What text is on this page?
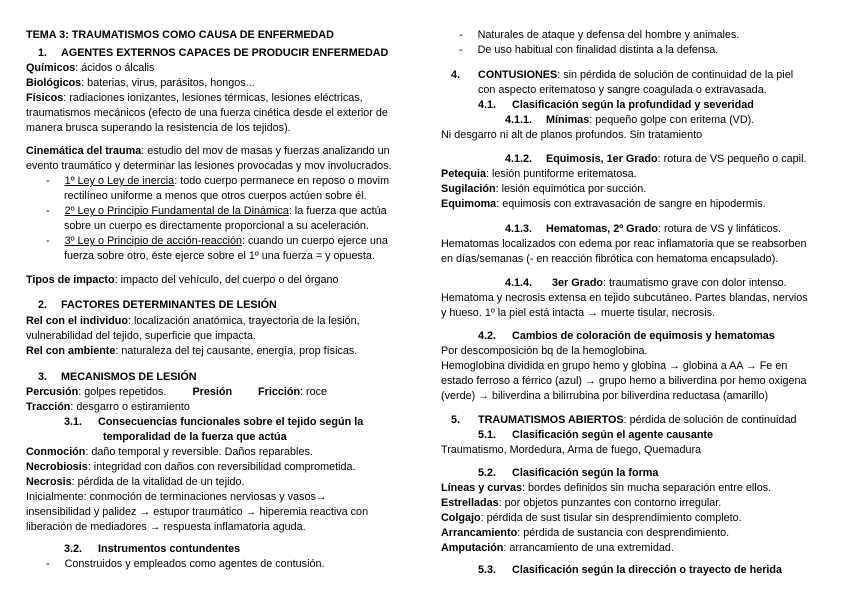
TEMA 3: TRAUMATISMOS COMO CAUSA DE ENFERMEDAD
1. AGENTES EXTERNOS CAPACES DE PRODUCIR ENFERMEDAD
Químicos: ácidos o álcalis
Biológicos: baterias, virus, parásitos, hongos...
Físicos: radiaciones ionizantes, lesiones térmicas, lesiones eléctricas,
traumatismos mecánicos (efecto de una fuerza cinética desde el exterior de
manera brusca superando la resistencia de los tejidos).
Cinemática del trauma: estudio del mov de masas y fuerzas analizando un
evento traumático y determinar las lesiones provocadas y mov involucrados.
- 1º Ley o Ley de inercia: todo cuerpo permanece en reposo o movim
rectilíneo uniforme a menos que otros cuerpos actúen sobre él.
- 2º Ley o Principio Fundamental de la Dinámica: la fuerza que actúa
sobre un cuerpo es directamente proporcional a su aceleración.
- 3º Ley o Principio de acción-reacción: cuando un cuerpo ejerce una
fuerza sobre otro, éste ejerce sobre el 1º una fuerza = y opuesta.
Tipos de impacto: impacto del vehículo, del cuerpo o del órgano
2. FACTORES DETERMINANTES DE LESIÓN
Rel con el individuo: localización anatómica, trayectoria de la lesión,
vulnerabilidad del tejido, superficie que impacta.
Rel con ambiente: naturaleza del tej causante, energía, prop físicas.
3. MECANISMOS DE LESIÓN
Percusión: golpes repetidos. Presión Fricción: roce
Tracción: desgarro o estiramiento
3.1. Consecuencias funcionales sobre el tejido según la
temporalidad de la fuerza que actúa
Conmoción: daño temporal y reversible. Daños reparables.
Necrobiosis: integridad con daños con reversibilidad comprometida.
Necrosis: pérdida de la vitalidad de un tejido.
Inicialmente: conmoción de terminaciones nerviosas y vasos→
insensibilidad y palidez → estupor traumático → hiperemia reactiva con
liberación de mediadores → respuesta inflamatoria aguda.
3.2. Instrumentos contundentes
- Construidos y empleados como agentes de contusión.
- Naturales de ataque y defensa del hombre y animales.
- De uso habitual con finalidad distinta a la defensa.
4. CONTUSIONES: sin pérdida de solución de continuidad de la piel
con aspecto eritematoso y sangre coagulada o extravasada.
4.1. Clasificación según la profundidad y severidad
4.1.1. Mínimas: pequeño golpe con eritema (VD).
Ni desgarro ni alt de planos profundos. Sin tratamiento
4.1.2. Equimosis, 1er Grado: rotura de VS pequeño o capil.
Petequia: lesión puntiforme eritematosa.
Sugilación: lesión equimótica por succión.
Equimoma: equimosis con extravasación de sangre en hipodermis.
4.1.3. Hematomas, 2º Grado: rotura de VS y linfáticos.
Hematomas localizados con edema por reac inflamatoria que se reabsorben
en días/semanas (- en reacción fibrótica con hematoma encapsulado).
4.1.4. 3er Grado: traumatismo grave con dolor intenso.
Hematoma y necrosis extensa en tejido subcutáneo. Partes blandas, nervios
y hueso. 1º la piel está intacta → muerte tisular, necrosis.
4.2. Cambios de coloración de equimosis y hematomas
Por descomposición bq de la hemoglobina.
Hemoglobina dividida en grupo hemo y globina → globina a AA → Fe en
estado ferroso a férrico (azul) → grupo hemo a biliverdina por hemo oxigena
(verde) → biliverdina a bilirrubina por biliverdina reductasa (amarillo)
5. TRAUMATISMOS ABIERTOS: pérdida de solución de continuidad
5.1. Clasificación según el agente causante
Traumatismo, Mordedura, Arma de fuego, Quemadura
5.2. Clasificación según la forma
Líneas y curvas: bordes definidos sin mucha separación entre ellos.
Estrelladas: por objetos punzantes con contorno irregular.
Colgajo: pérdida de sust tisular sin desprendimiento completo.
Arrancamiento: pérdida de sustancia con desprendimiento.
Amputación: arrancamiento de una extremidad.
5.3. Clasificación según la dirección o trayecto de herida
